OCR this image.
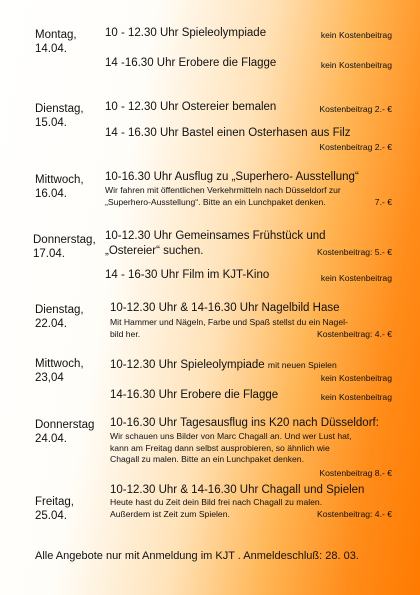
Montag,
14.04.
10 - 12.30 Uhr Spieleolympiade	kein Kostenbeitrag
14 -16.30 Uhr Erobere die Flagge	kein Kostenbeitrag
Dienstag,
15.04.
10 - 12.30 Uhr Ostereier bemalen	Kostenbeitrag 2.- €
14 - 16.30 Uhr Bastel einen Osterhasen aus Filz
Kostenbeitrag 2.- €
Mittwoch,
16.04.
10-16.30 Uhr Ausflug zu „Superhero- Ausstellung“
Wir fahren mit öffentlichen Verkehrmitteln nach Düsseldorf zur
„Superhero-Ausstellung“. Bitte an ein Lunchpaket denken.	7.- €
Donnerstag,
17.04.
10-12.30 Uhr Gemeinsames Frühstück und
„Ostereier“ suchen.	Kostenbeitrag: 5.- €
14 - 16-30 Uhr Film im KJT-Kino	kein Kostenbeitrag
Dienstag,
22.04.
10-12.30 Uhr & 14-16.30 Uhr Nagelbild Hase
Mit Hammer und Nägeln, Farbe und Spaß stellst du ein Nagel-
bild her.	Kostenbeitrag: 4.- €
Mittwoch,
23,04
10-12.30 Uhr Spieleolympiade mit neuen Spielen
kein Kostenbeitrag
14-16.30 Uhr Erobere die Flagge	kein Kostenbeitrag
Donnerstag
24.04.
10-16.30 Uhr Tagesausflug ins K20 nach Düsseldorf:
Wir schauen uns Bilder von Marc Chagall an. Und wer Lust hat,
kann am Freitag dann selbst ausprobieren, so ähnlich wie
Chagall zu malen. Bitte an ein Lunchpaket denken.
Kostenbeitrag 8.- €
Freitag,
25.04.
10-12.30 Uhr & 14-16.30 Uhr Chagall und Spielen
Heute hast du Zeit dein Bild frei nach Chagall zu malen.
Außerdem ist Zeit zum Spielen.	Kostenbeitrag: 4.- €
Alle Angebote nur mit Anmeldung im KJT . Anmeldeschluß: 28. 03.
